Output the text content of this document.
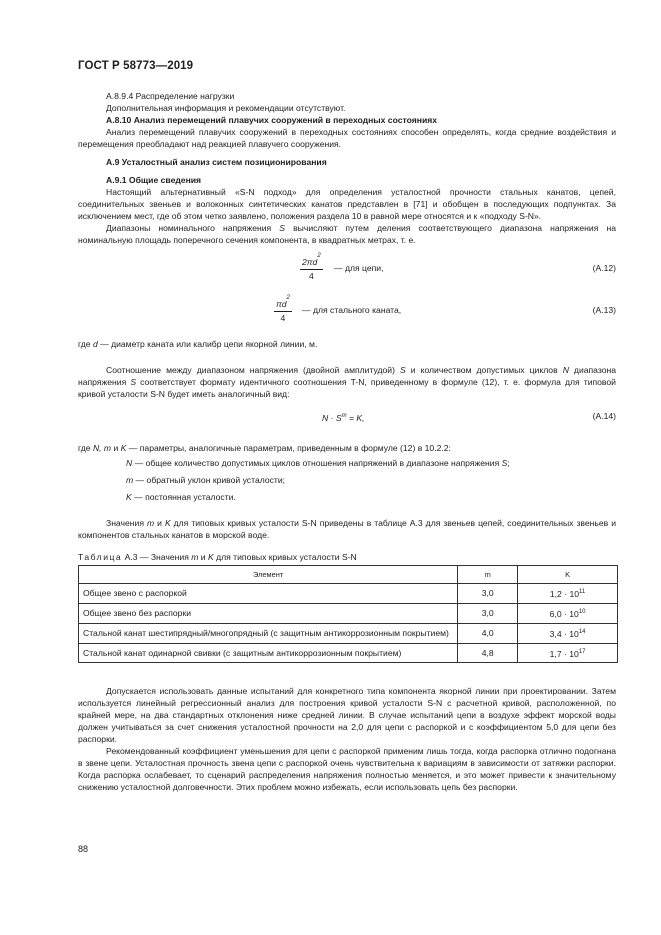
ГОСТ Р 58773—2019

А.8.9.4 Распределение нагрузки

Дополнительная информация и рекомендации отсутствуют.

А.8.10 Анализ перемещений плавучих сооружений в переходных состояниях

Анализ перемещений плавучих сооружений в переходных состояниях способен определять, когда средние воздействия и перемещения преобладают над реакцией плавучего сооружения.

А.9 Усталостный анализ систем позиционирования

А.9.1 Общие сведения

Настоящий альтернативный «S-N подход» для определения усталостной прочности стальных канатов, цепей, соединительных звеньев и волоконных синтетических канатов представлен в [71] и обобщен в последующих подпунктах. За исключением мест, где об этом четко заявлено, положения раздела 10 в равной мере относятся и к «подходу S-N».

Диапазоны номинального напряжения S вычисляют путем деления соответствующего диапазона напряжения на номинальную площадь поперечного сечения компонента, в квадратных метрах, т. е.

$\frac{2\pi d^2}{4}$ — для цепи,	(А.12)
$\frac{\pi d^2}{4}$ — для стального каната,	(А.13)

где d — диаметр каната или калибр цепи якорной линии, м.

Соотношение между диапазоном напряжения (двойной амплитудой) S и количеством допустимых циклов N диапазона напряжения S соответствует формату идентичного соотношения T-N, приведенному в формуле (12), т. е. формула для типовой кривой усталости S-N будет иметь аналогичный вид:

$N \cdot S^m = K$,	(А.14)

где N, m и K — параметры, аналогичные параметрам, приведенным в формуле (12) в 10.2.2:

N — общее количество допустимых циклов отношения напряжений в диапазоне напряжения S;

m — обратный уклон кривой усталости;

K — постоянная усталости.

Значения m и K для типовых кривых усталости S-N приведены в таблице А.3 для звеньев цепей, соединительных звеньев и компонентов стальных канатов в морской воде.

Таблица А.3 — Значения m и K для типовых кривых усталости S-N

Элемент	m	K
Общее звено с распоркой	3,0	$1,2 \cdot 10^{11}$
Общее звено без распорки	3,0	$6,0 \cdot 10^{10}$
Стальной канат шестипрядный/многопрядный (с защитным антикоррозионным покрытием)	4,0	$3,4 \cdot 10^{14}$
Стальной канат одинарной свивки (с защитным антикоррозионным покрытием)	4,8	$1,7 \cdot 10^{17}$

Допускается использовать данные испытаний для конкретного типа компонента якорной линии при проектировании. Затем используется линейный регрессионный анализ для построения кривой усталости S-N с расчетной кривой, расположенной, по крайней мере, на два стандартных отклонения ниже средней линии. В случае испытаний цепи в воздухе эффект морской воды должен учитываться за счет снижения усталостной прочности на 2,0 для цепи с распоркой и с коэффициентом 5,0 для цепи без распорки.

Рекомендованный коэффициент уменьшения для цепи с распоркой применим лишь тогда, когда распорка отлично подогнана в звене цепи. Усталостная прочность звена цепи с распоркой очень чувствительна к вариациям в зависимости от затяжки распорки. Когда распорка ослабевает, то сценарий распределения напряжения полностью меняется, и это может привести к значительному снижению усталостной долговечности. Этих проблем можно избежать, если использовать цепь без распорки.

88
